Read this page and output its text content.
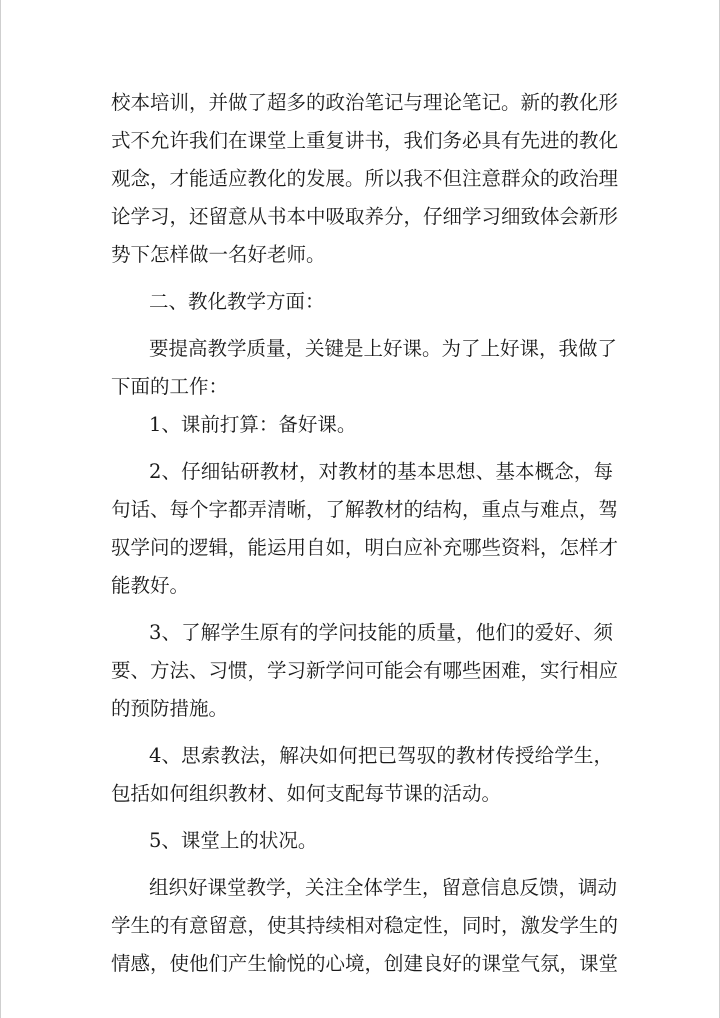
校本培训，并做了超多的政治笔记与理论笔记。新的教化形
式不允许我们在课堂上重复讲书，我们务必具有先进的教化
观念，才能适应教化的发展。所以我不但注意群众的政治理
论学习，还留意从书本中吸取养分，仔细学习细致体会新形
势下怎样做一名好老师。
二、教化教学方面：
要提高教学质量，关键是上好课。为了上好课，我做了
下面的工作：
1、课前打算：备好课。
2、仔细钻研教材，对教材的基本思想、基本概念，每
句话、每个字都弄清晰，了解教材的结构，重点与难点，驾
驭学问的逻辑，能运用自如，明白应补充哪些资料，怎样才
能教好。
3、了解学生原有的学问技能的质量，他们的爱好、须
要、方法、习惯，学习新学问可能会有哪些困难，实行相应
的预防措施。
4、思索教法，解决如何把已驾驭的教材传授给学生，
包括如何组织教材、如何支配每节课的活动。
5、课堂上的状况。
组织好课堂教学，关注全体学生，留意信息反馈，调动
学生的有意留意，使其持续相对稳定性，同时，激发学生的
情感，使他们产生愉悦的心境，创建良好的课堂气氛，课堂
